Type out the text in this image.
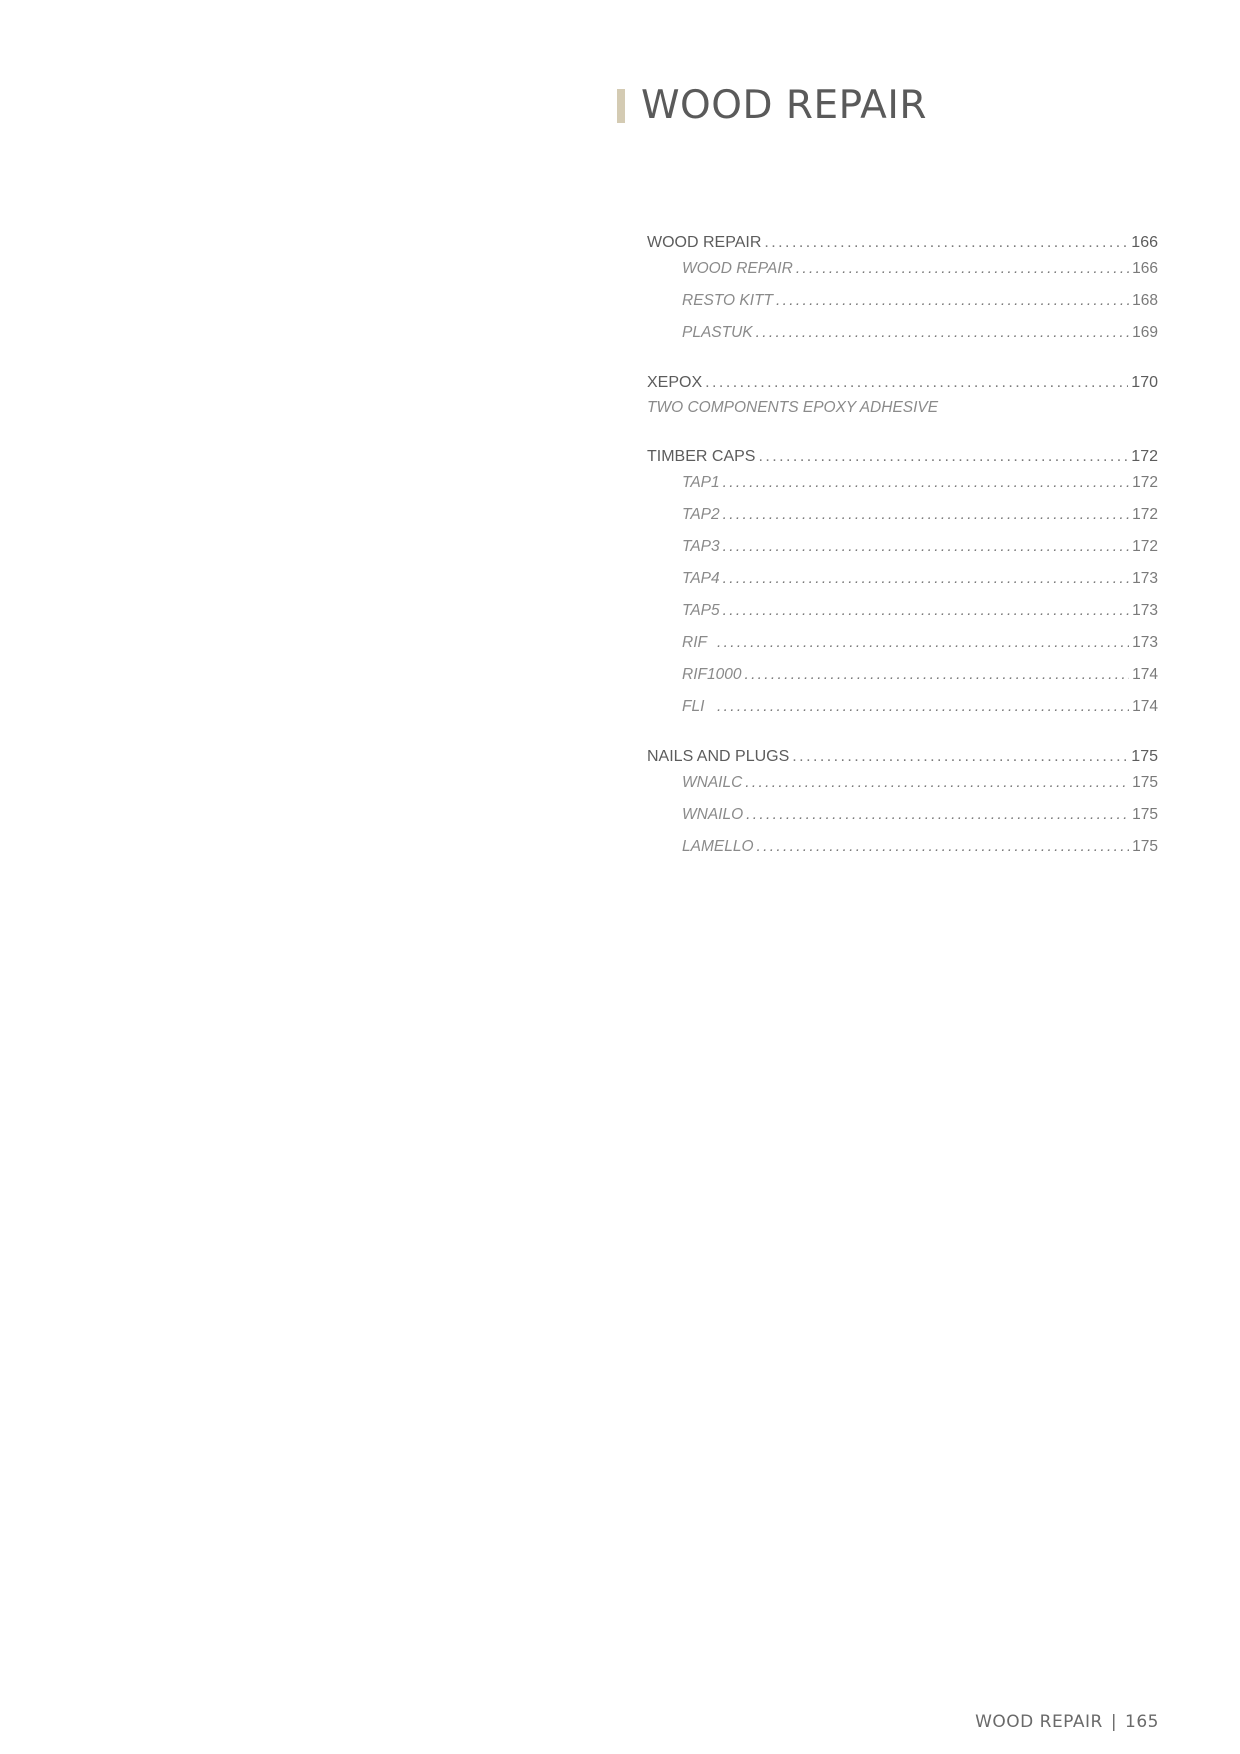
WOOD REPAIR
WOOD REPAIR . . .	166
WOOD REPAIR . . .	166
RESTO KITT . . .	168
PLASTUK . . .	169
XEPOX . . .	170
TWO COMPONENTS EPOXY ADHESIVE
TIMBER CAPS . . .	172
TAP1 . . .	172
TAP2 . . .	172
TAP3 . . .	172
TAP4 . . .	173
TAP5 . . .	173
RIF . . .	173
RIF1000 . . .	174
FLI . . .	174
NAILS AND PLUGS . . .	175
WNAILC . . .	175
WNAILO . . .	175
LAMELLO . . .	175
WOOD REPAIR | 165
